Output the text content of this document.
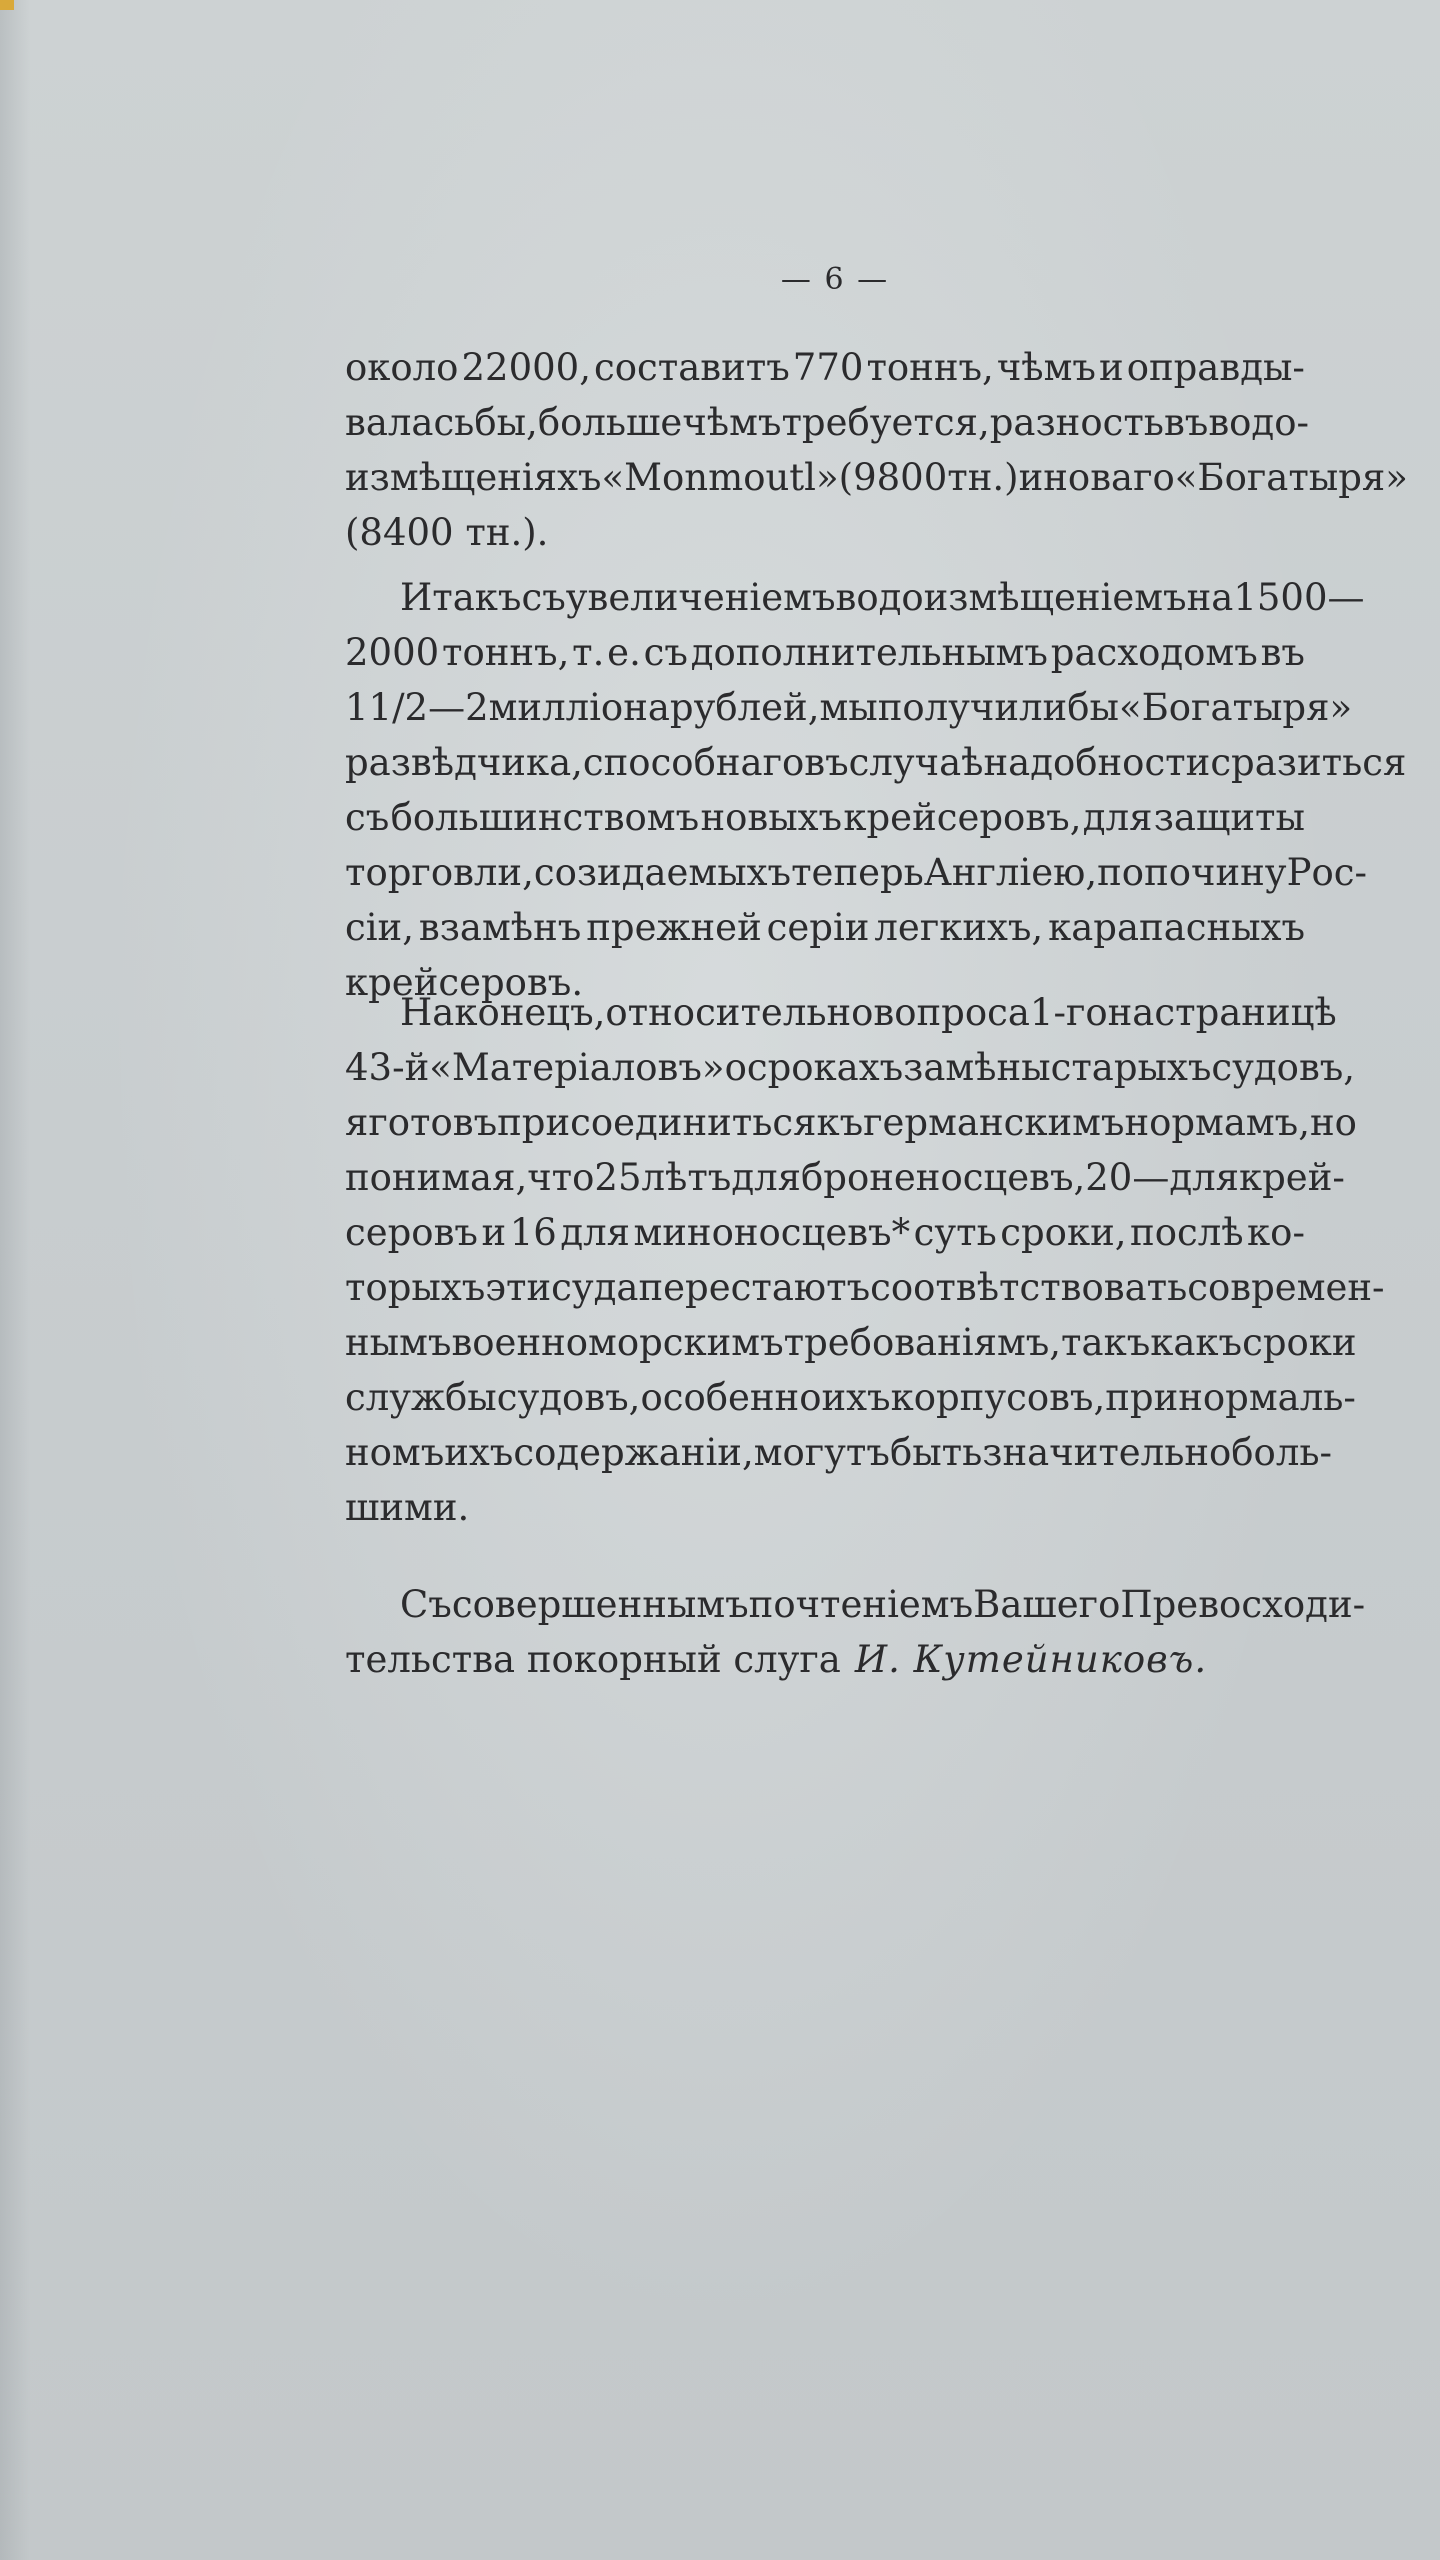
— 6 —
около 22000, составитъ 770 тоннъ, чѣмъ и оправды-
валась бы, больше чѣмъ требуется, разность въ водо-
измѣщеніяхъ «Monmoutl» (9800 тн.) и новаго «Богатыря»
(8400 тн.).
И такъ съ увеличеніемъ водоизмѣщеніемъ на 1500—
2000 тоннъ, т. е. съ дополнительнымъ расходомъ въ
11/2—2 милліона рублей, мы получили бы «Богатыря»
развѣдчика, способнаго въ случаѣ надобности сразиться
съ большинствомъ новыхъ крейсеровъ, для защиты
торговли, созидаемыхъ теперь Англіею, по почину Рос-
сіи, взамѣнъ прежней серіи легкихъ, карапасныхъ
крейсеровъ.
Наконецъ, относительно вопроса 1-го на страницѣ
43-й «Матеріаловъ» о срокахъ замѣны старыхъ судовъ,
я готовъ присоединиться къ германскимъ нормамъ, но
понимая, что 25 лѣтъ для броненосцевъ, 20—для крей-
серовъ и 16 для миноносцевъ* суть сроки, послѣ ко-
торыхъ эти суда перестаютъ соотвѣтствовать современ-
нымъ военно морскимъ требованіямъ, такъ какъ сроки
службы судовъ, особенно ихъ корпусовъ, при нормаль-
номъ ихъ содержаніи, могутъ быть значительно боль-
шими.
Съ совершеннымъ почтеніемъ Вашего Превосходи-
тельства покорный слуга И. Кутейниковъ.
